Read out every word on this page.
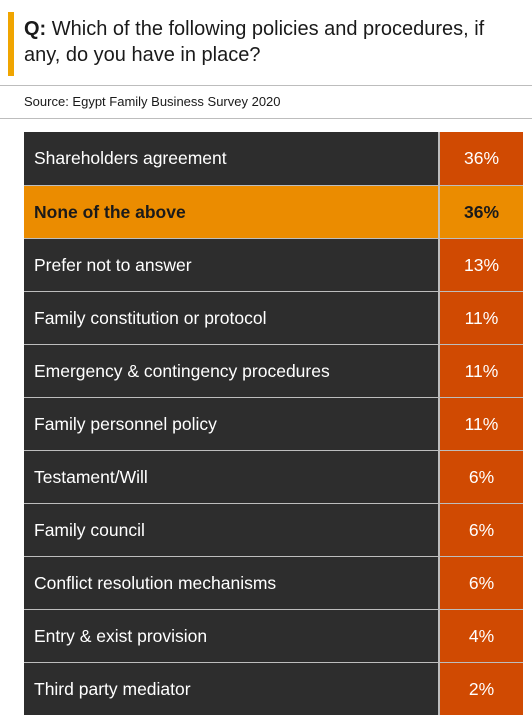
Q: Which of the following policies and procedures, if any, do you have in place?
Source: Egypt Family Business Survey 2020
Shareholders agreement	36%
None of the above	36%
Prefer not to answer	13%
Family constitution or protocol	11%
Emergency & contingency procedures	11%
Family personnel policy	11%
Testament/Will	6%
Family council	6%
Conflict resolution mechanisms	6%
Entry & exist provision	4%
Third party mediator	2%
